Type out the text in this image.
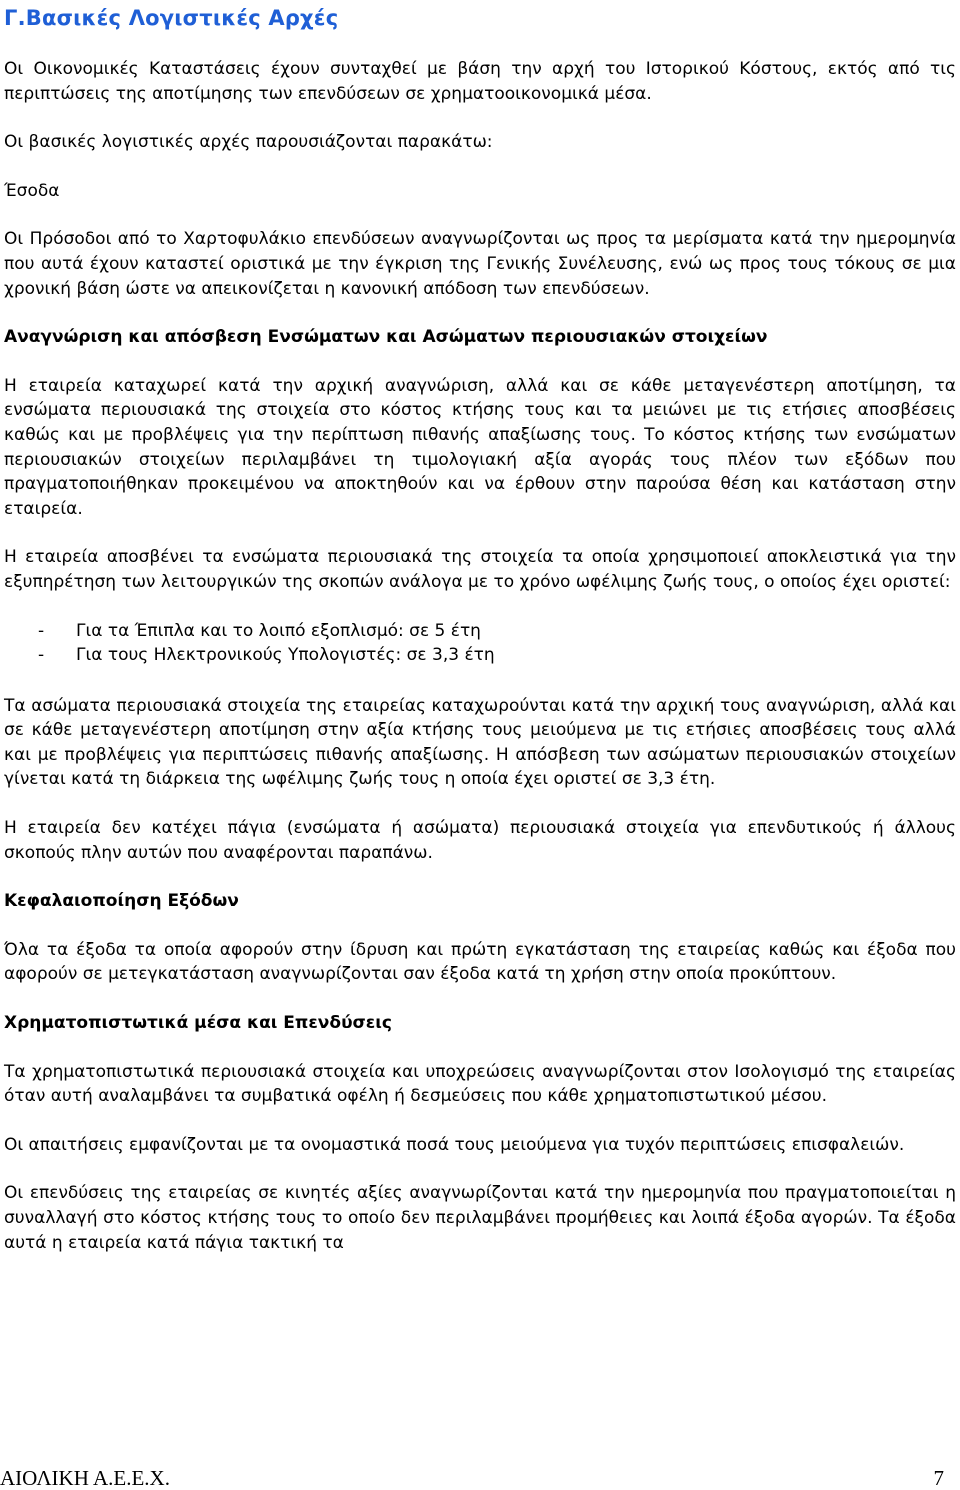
Γ.Βασικές Λογιστικές Αρχές

Οι Οικονομικές Καταστάσεις έχουν συνταχθεί με βάση την αρχή του Ιστορικού Κόστους, εκτός από τις περιπτώσεις της αποτίμησης των επενδύσεων σε χρηματοοικονομικά μέσα.

Οι βασικές λογιστικές αρχές παρουσιάζονται παρακάτω:

Έσοδα

Οι Πρόσοδοι από το Χαρτοφυλάκιο επενδύσεων αναγνωρίζονται ως προς τα μερίσματα κατά την ημερομηνία που αυτά έχουν καταστεί οριστικά με την έγκριση της Γενικής Συνέλευσης, ενώ ως προς τους τόκους σε μια χρονική βάση ώστε να απεικονίζεται η κανονική απόδοση των επενδύσεων.

Αναγνώριση και απόσβεση Ενσώματων και Ασώματων περιουσιακών στοιχείων

Η εταιρεία καταχωρεί κατά την αρχική αναγνώριση, αλλά και σε κάθε μεταγενέστερη αποτίμηση, τα ενσώματα περιουσιακά της στοιχεία στο κόστος κτήσης τους και τα μειώνει με τις ετήσιες αποσβέσεις καθώς και με προβλέψεις για την περίπτωση πιθανής απαξίωσης τους. Το κόστος κτήσης των ενσώματων περιουσιακών στοιχείων περιλαμβάνει τη τιμολογιακή αξία αγοράς τους πλέον των εξόδων που πραγματοποιήθηκαν προκειμένου να αποκτηθούν και να έρθουν στην παρούσα θέση και κατάσταση στην εταιρεία.

Η εταιρεία αποσβένει τα ενσώματα περιουσιακά της στοιχεία τα οποία χρησιμοποιεί αποκλειστικά για την εξυπηρέτηση των λειτουργικών της σκοπών ανάλογα με το χρόνο ωφέλιμης ζωής τους, ο οποίος έχει οριστεί:

- Για τα Έπιπλα και το λοιπό εξοπλισμό: σε 5 έτη
- Για τους Ηλεκτρονικούς Υπολογιστές: σε 3,3 έτη

Τα ασώματα περιουσιακά στοιχεία της εταιρείας καταχωρούνται κατά την αρχική τους αναγνώριση, αλλά και σε κάθε μεταγενέστερη αποτίμηση στην αξία κτήσης τους μειούμενα με τις ετήσιες αποσβέσεις τους αλλά και με προβλέψεις για περιπτώσεις πιθανής απαξίωσης. Η απόσβεση των ασώματων περιουσιακών στοιχείων γίνεται κατά τη διάρκεια της ωφέλιμης ζωής τους η οποία έχει οριστεί σε 3,3 έτη.

Η εταιρεία δεν κατέχει πάγια (ενσώματα ή ασώματα) περιουσιακά στοιχεία για επενδυτικούς ή άλλους σκοπούς πλην αυτών που αναφέρονται παραπάνω.

Κεφαλαιοποίηση Εξόδων

Όλα τα έξοδα τα οποία αφορούν στην ίδρυση και πρώτη εγκατάσταση της εταιρείας καθώς και έξοδα που αφορούν σε μετεγκατάσταση αναγνωρίζονται σαν έξοδα κατά τη χρήση στην οποία προκύπτουν.

Χρηματοπιστωτικά μέσα και Επενδύσεις

Τα χρηματοπιστωτικά περιουσιακά στοιχεία και υποχρεώσεις αναγνωρίζονται στον Ισολογισμό της εταιρείας όταν αυτή αναλαμβάνει τα συμβατικά οφέλη ή δεσμεύσεις που κάθε χρηματοπιστωτικού μέσου.

Οι απαιτήσεις εμφανίζονται με τα ονομαστικά ποσά τους μειούμενα για τυχόν περιπτώσεις επισφαλειών.

Οι επενδύσεις της εταιρείας σε κινητές αξίες αναγνωρίζονται κατά την ημερομηνία που πραγματοποιείται η συναλλαγή στο κόστος κτήσης τους το οποίο δεν περιλαμβάνει προμήθειες και λοιπά έξοδα αγορών. Τα έξοδα αυτά η εταιρεία κατά πάγια τακτική τα

ΑΙΟΛΙΚΗ Α.Ε.Ε.Χ.	7
